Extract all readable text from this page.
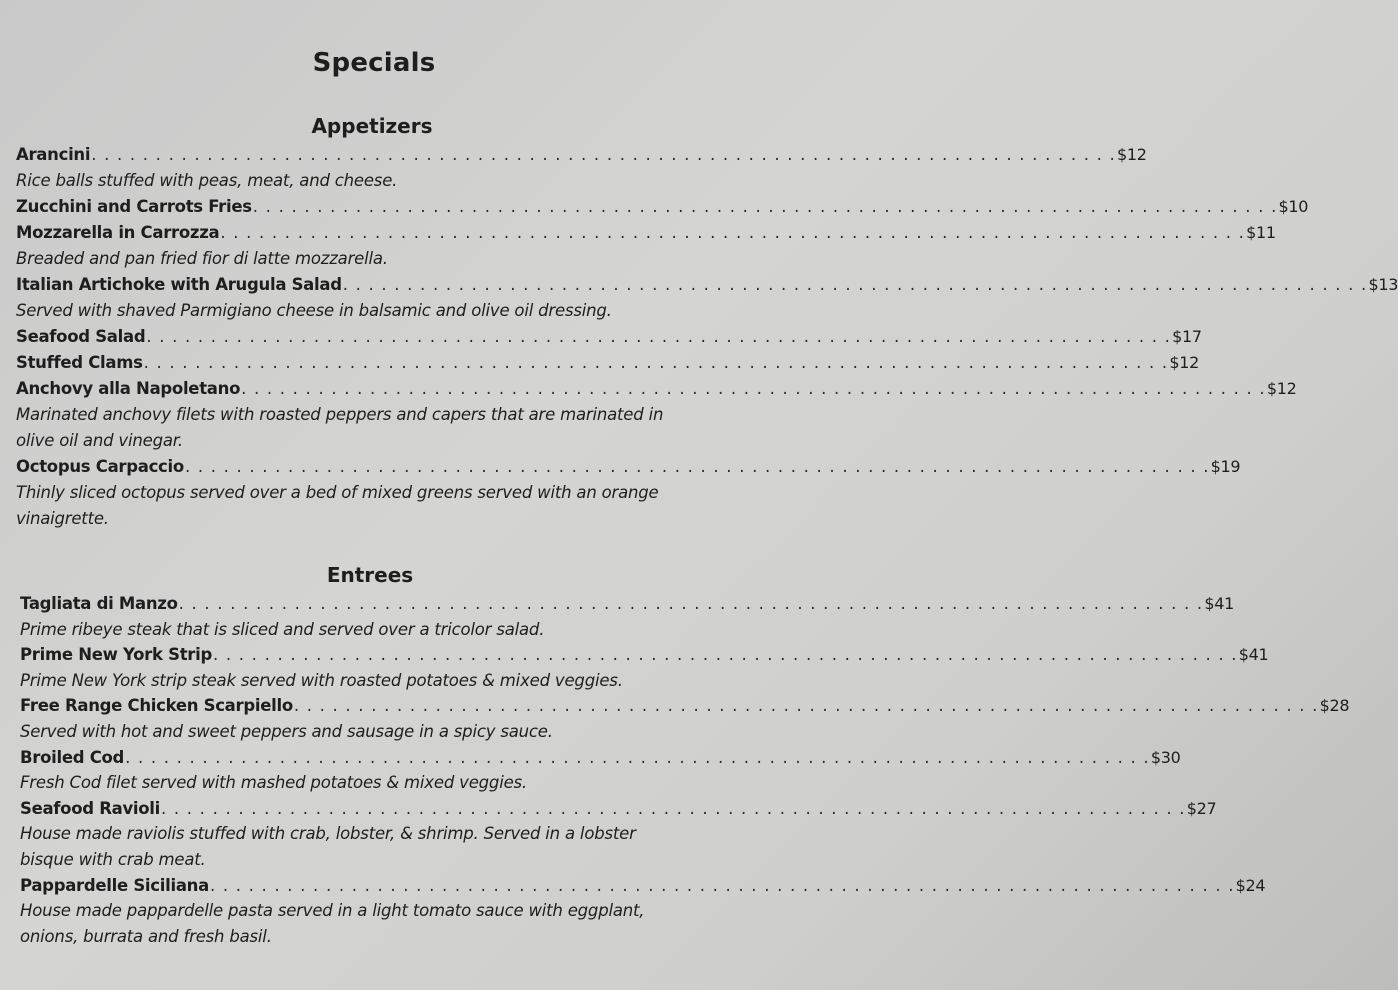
Specials
Appetizers
Arancini . . . . . . . . . . . . . . . . . . . . . . . . . . . . . . . . . . . . . . . . . . . . . . . . . . . . . . . . . . . . . . . . . . . . . . . . . . . . . . . . $12
Rice balls stuffed with peas, meat, and cheese.
Zucchini and Carrots Fries . . . . . . . . . . . . . . . . . . . . . . . . . . . . . . . . . . . . . . . . . . . . . . . . . . . . . . . . . . . . . . . . . . . . . . . . . . . . . . . . $10
Mozzarella in Carrozza . . . . . . . . . . . . . . . . . . . . . . . . . . . . . . . . . . . . . . . . . . . . . . . . . . . . . . . . . . . . . . . . . . . . . . . . . . . . . . . . $11
Breaded and pan fried fior di latte mozzarella.
Italian Artichoke with Arugula Salad . . . . . . . . . . . . . . . . . . . . . . . . . . . . . . . . . . . . . . . . . . . . . . . . . . . . . . . . . . . . . . . . . . . . . . . . . . . . . . . . $13
Served with shaved Parmigiano cheese in balsamic and olive oil dressing.
Seafood Salad . . . . . . . . . . . . . . . . . . . . . . . . . . . . . . . . . . . . . . . . . . . . . . . . . . . . . . . . . . . . . . . . . . . . . . . . . . . . . . . . $17
Stuffed Clams . . . . . . . . . . . . . . . . . . . . . . . . . . . . . . . . . . . . . . . . . . . . . . . . . . . . . . . . . . . . . . . . . . . . . . . . . . . . . . . . $12
Anchovy alla Napoletano . . . . . . . . . . . . . . . . . . . . . . . . . . . . . . . . . . . . . . . . . . . . . . . . . . . . . . . . . . . . . . . . . . . . . . . . . . . . . . . . $12
Marinated anchovy filets with roasted peppers and capers that are marinated in
olive oil and vinegar.
Octopus Carpaccio . . . . . . . . . . . . . . . . . . . . . . . . . . . . . . . . . . . . . . . . . . . . . . . . . . . . . . . . . . . . . . . . . . . . . . . . . . . . . . . . $19
Thinly sliced octopus served over a bed of mixed greens served with an orange
vinaigrette.
Entrees
Tagliata di Manzo . . . . . . . . . . . . . . . . . . . . . . . . . . . . . . . . . . . . . . . . . . . . . . . . . . . . . . . . . . . . . . . . . . . . . . . . . . . . . . . . $41
Prime ribeye steak that is sliced and served over a tricolor salad.
Prime New York Strip . . . . . . . . . . . . . . . . . . . . . . . . . . . . . . . . . . . . . . . . . . . . . . . . . . . . . . . . . . . . . . . . . . . . . . . . . . . . . . . . $41
Prime New York strip steak served with roasted potatoes & mixed veggies.
Free Range Chicken Scarpiello . . . . . . . . . . . . . . . . . . . . . . . . . . . . . . . . . . . . . . . . . . . . . . . . . . . . . . . . . . . . . . . . . . . . . . . . . . . . . . . . $28
Served with hot and sweet peppers and sausage in a spicy sauce.
Broiled Cod . . . . . . . . . . . . . . . . . . . . . . . . . . . . . . . . . . . . . . . . . . . . . . . . . . . . . . . . . . . . . . . . . . . . . . . . . . . . . . . . $30
Fresh Cod filet served with mashed potatoes & mixed veggies.
Seafood Ravioli . . . . . . . . . . . . . . . . . . . . . . . . . . . . . . . . . . . . . . . . . . . . . . . . . . . . . . . . . . . . . . . . . . . . . . . . . . . . . . . . $27
House made raviolis stuffed with crab, lobster, & shrimp. Served in a lobster
bisque with crab meat.
Pappardelle Siciliana . . . . . . . . . . . . . . . . . . . . . . . . . . . . . . . . . . . . . . . . . . . . . . . . . . . . . . . . . . . . . . . . . . . . . . . . . . . . . . . . $24
House made pappardelle pasta served in a light tomato sauce with eggplant,
onions, burrata and fresh basil.
